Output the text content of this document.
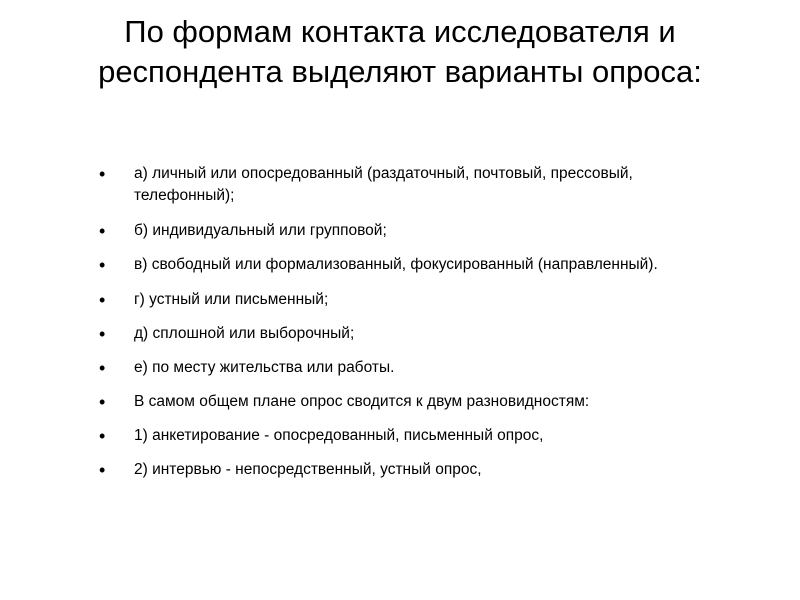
По формам контакта исследователя и респондента выделяют варианты опроса:
• а) личный или опосредованный (раздаточный, почтовый, прессовый, телефонный);
• б) индивидуальный или групповой;
• в) свободный или формализованный, фокусированный (направленный).
• г) устный или письменный;
• д) сплошной или выборочный;
• е) по месту жительства или работы.
• В самом общем плане опрос сводится к двум разновидностям:
• 1) анкетирование - опосредованный, письменный опрос,
• 2) интервью - непосредственный, устный опрос,
